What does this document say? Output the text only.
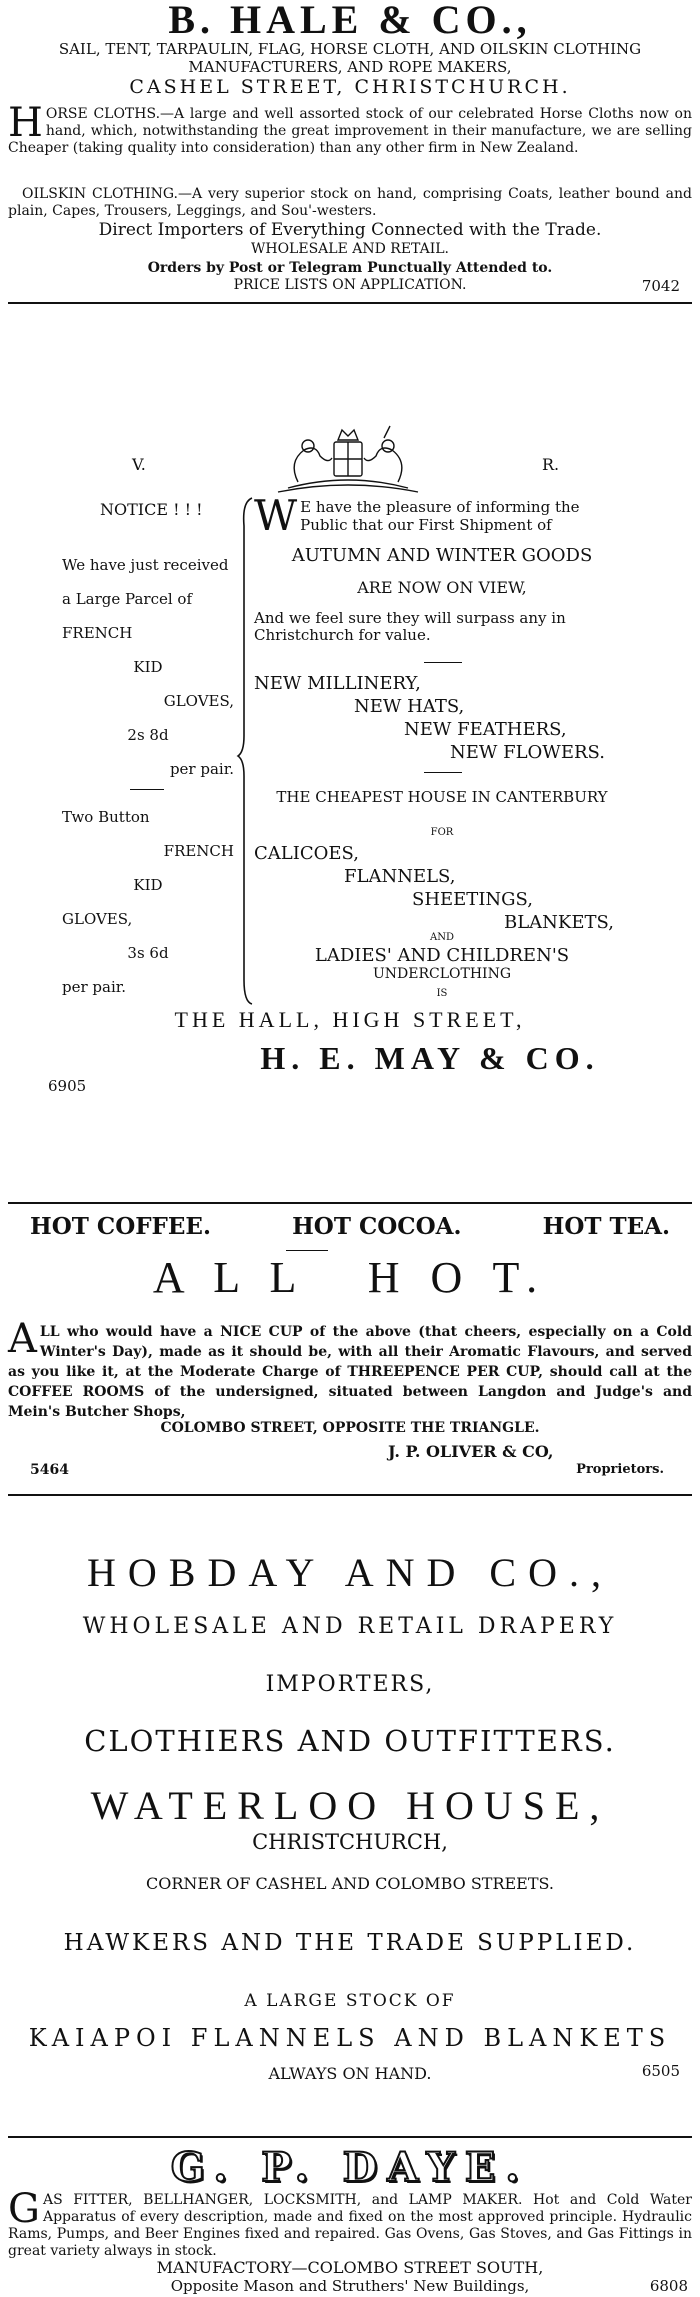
B. HALE & CO.,
SAIL, TENT, TARPAULIN, FLAG, HORSE CLOTH, AND OILSKIN CLOTHING MANUFACTURERS, AND ROPE MAKERS,
CASHEL STREET, CHRISTCHURCH.
H ORSE CLOTHS.—A large and well assorted stock of our celebrated Horse Cloths now on hand, which, notwithstanding the great improvement in their manufacture, we are selling Cheaper (taking quality into consideration) than any other firm in New Zealand.
OILSKIN CLOTHING.—A very superior stock on hand, comprising Coats, leather bound and plain, Capes, Trousers, Leggings, and Sou'-westers.
Direct Importers of Everything Connected with the Trade.
WHOLESALE AND RETAIL.
Orders by Post or Telegram Punctually Attended to.
PRICE LISTS ON APPLICATION.	7042
V.	R.
NOTICE ! ! !
We have just received
a Large Parcel of
FRENCH
KID
GLOVES,
2s 8d
per pair.
Two Button
FRENCH
KID
GLOVES,
3s 6d
per pair.
W E have the pleasure of informing the Public that our First Shipment of
AUTUMN AND WINTER GOODS
ARE NOW ON VIEW,
And we feel sure they will surpass any in Christchurch for value.
NEW MILLINERY,
NEW HATS,
NEW FEATHERS,
NEW FLOWERS.
THE CHEAPEST HOUSE IN CANTERBURY
FOR
CALICOES,
FLANNELS,
SHEETINGS,
BLANKETS,
AND
LADIES' AND CHILDREN'S
UNDERCLOTHING
IS
THE HALL, HIGH STREET,
H. E. MAY & CO.
6905
HOT COFFEE.	HOT COCOA.	HOT TEA.
A L L   H O T.
A LL who would have a NICE CUP of the above (that cheers, especially on a Cold Winter's Day), made as it should be, with all their Aromatic Flavours, and served as you like it, at the Moderate Charge of THREEPENCE PER CUP, should call at the COFFEE ROOMS of the undersigned, situated between Langdon and Judge's and Mein's Butcher Shops,
COLOMBO STREET, OPPOSITE THE TRIANGLE.
J. P. OLIVER & CO,
5464	Proprietors.
HOBDAY AND CO.,
WHOLESALE AND RETAIL DRAPERY
IMPORTERS,
CLOTHIERS AND OUTFITTERS.
WATERLOO HOUSE,
CHRISTCHURCH,
CORNER OF CASHEL AND COLOMBO STREETS.
HAWKERS AND THE TRADE SUPPLIED.
A LARGE STOCK OF
KAIAPOI FLANNELS AND BLANKETS
ALWAYS ON HAND.	6505
G. P. DAYE.
G AS FITTER, BELLHANGER, LOCKSMITH, and LAMP MAKER. Hot and Cold Water Apparatus of every description, made and fixed on the most approved principle. Hydraulic Rams, Pumps, and Beer Engines fixed and repaired. Gas Ovens, Gas Stoves, and Gas Fittings in great variety always in stock.
MANUFACTORY—COLOMBO STREET SOUTH,
Opposite Mason and Struthers' New Buildings,	6808
